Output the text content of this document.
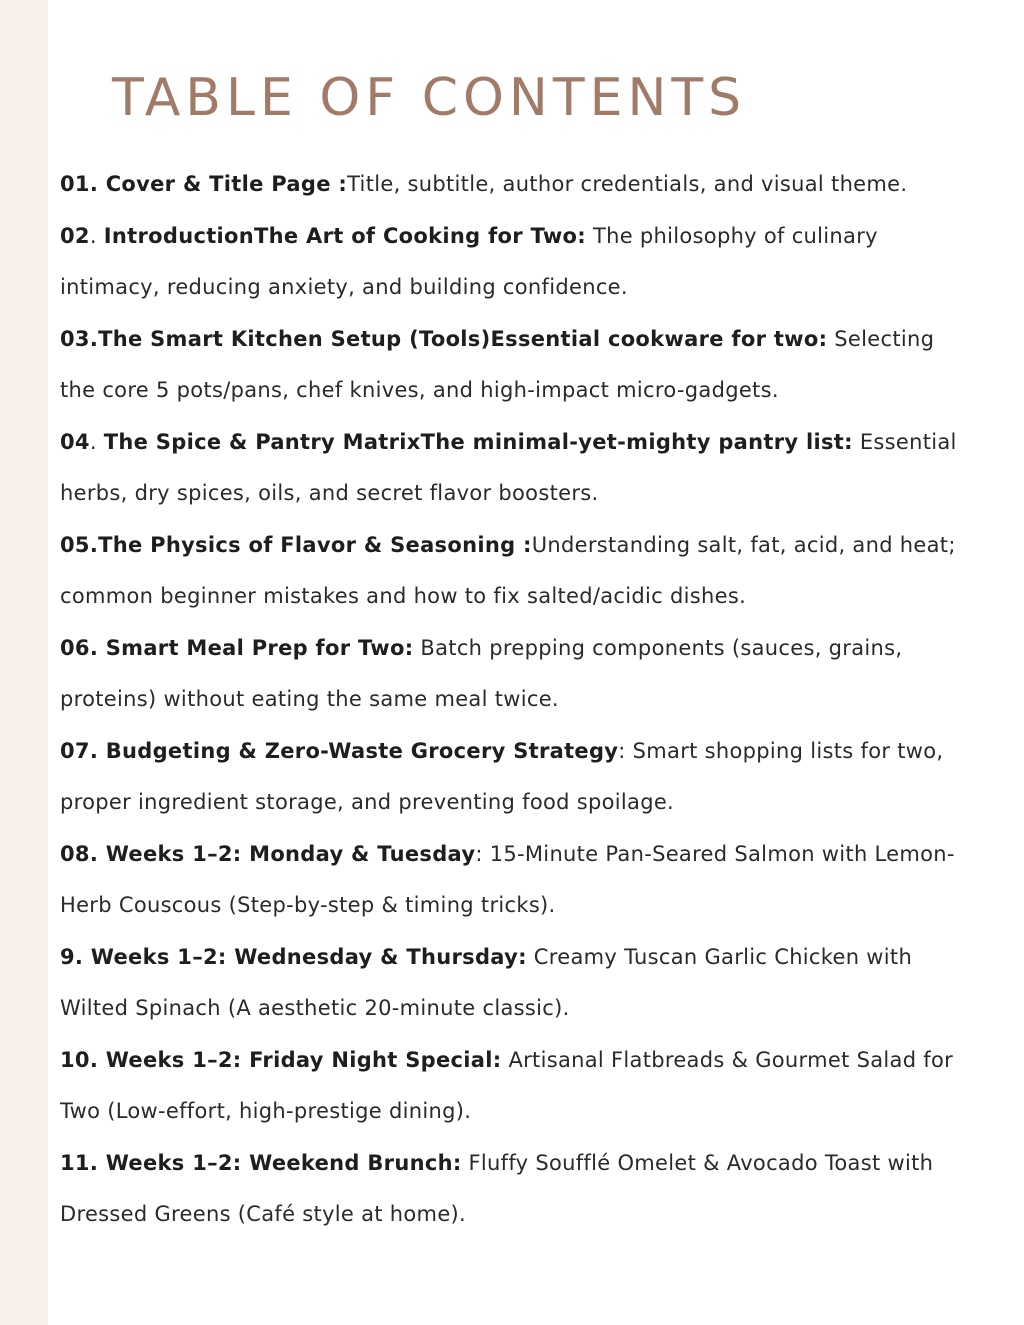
TABLE OF CONTENTS
01. Cover & Title Page :Title, subtitle, author credentials, and visual theme.
02. IntroductionThe Art of Cooking for Two: The philosophy of culinary intimacy, reducing anxiety, and building confidence.
03.The Smart Kitchen Setup (Tools)Essential cookware for two: Selecting the core 5 pots/pans, chef knives, and high-impact micro-gadgets.
04. The Spice & Pantry MatrixThe minimal-yet-mighty pantry list: Essential herbs, dry spices, oils, and secret flavor boosters.
05.The Physics of Flavor & Seasoning :Understanding salt, fat, acid, and heat; common beginner mistakes and how to fix salted/acidic dishes.
06. Smart Meal Prep for Two: Batch prepping components (sauces, grains, proteins) without eating the same meal twice.
07. Budgeting & Zero-Waste Grocery Strategy: Smart shopping lists for two, proper ingredient storage, and preventing food spoilage.
08. Weeks 1–2: Monday & Tuesday: 15-Minute Pan-Seared Salmon with Lemon-Herb Couscous (Step-by-step & timing tricks).
9. Weeks 1–2: Wednesday & Thursday: Creamy Tuscan Garlic Chicken with Wilted Spinach (A aesthetic 20-minute classic).
10. Weeks 1–2: Friday Night Special: Artisanal Flatbreads & Gourmet Salad for Two (Low-effort, high-prestige dining).
11. Weeks 1–2: Weekend Brunch: Fluffy Soufflé Omelet & Avocado Toast with Dressed Greens (Café style at home).
